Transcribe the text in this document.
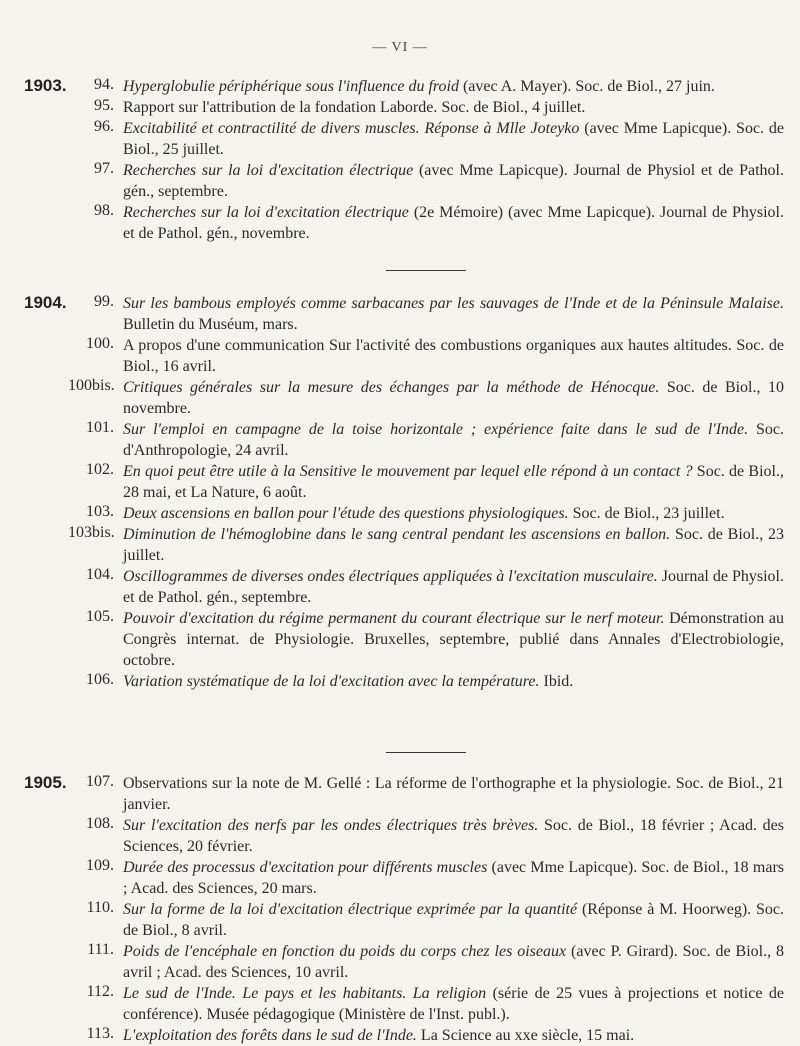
— VI —
1903.	94. Hyperglobulie périphérique sous l'influence du froid (avec A. Mayer). Soc. de Biol., 27 juin.
95. Rapport sur l'attribution de la fondation Laborde. Soc. de Biol., 4 juillet.
96. Excitabilité et contractilité de divers muscles. Réponse à Mlle Joteyko (avec Mme Lapicque). Soc. de Biol., 25 juillet.
97. Recherches sur la loi d'excitation électrique (avec Mme Lapicque). Journal de Physiol et de Pathol. gén., septembre.
98. Recherches sur la loi d'excitation électrique (2e Mémoire) (avec Mme Lapicque). Journal de Physiol. et de Pathol. gén., novembre.
1904.	99. Sur les bambous employés comme sarbacanes par les sauvages de l'Inde et de la Péninsule Malaise. Bulletin du Muséum, mars.
100. A propos d'une communication Sur l'activité des combustions organiques aux hautes altitudes. Soc. de Biol., 16 avril.
100bis. Critiques générales sur la mesure des échanges par la méthode de Hénocque. Soc. de Biol., 10 novembre.
101. Sur l'emploi en campagne de la toise horizontale ; expérience faite dans le sud de l'Inde. Soc. d'Anthropologie, 24 avril.
102. En quoi peut être utile à la Sensitive le mouvement par lequel elle répond à un contact ? Soc. de Biol., 28 mai, et La Nature, 6 août.
103. Deux ascensions en ballon pour l'étude des questions physiologiques. Soc. de Biol., 23 juillet.
103bis. Diminution de l'hémoglobine dans le sang central pendant les ascensions en ballon. Soc. de Biol., 23 juillet.
104. Oscillogrammes de diverses ondes électriques appliquées à l'excitation musculaire. Journal de Physiol. et de Pathol. gén., septembre.
105. Pouvoir d'excitation du régime permanent du courant électrique sur le nerf moteur. Démonstration au Congrès internat. de Physiologie. Bruxelles, septembre, publié dans Annales d'Electrobiologie, octobre.
106. Variation systématique de la loi d'excitation avec la température. Ibid.
1905.	107. Observations sur la note de M. Gellé : La réforme de l'orthographe et la physiologie. Soc. de Biol., 21 janvier.
108. Sur l'excitation des nerfs par les ondes électriques très brèves. Soc. de Biol., 18 février ; Acad. des Sciences, 20 février.
109. Durée des processus d'excitation pour différents muscles (avec Mme Lapicque). Soc. de Biol., 18 mars ; Acad. des Sciences, 20 mars.
110. Sur la forme de la loi d'excitation électrique exprimée par la quantité (Réponse à M. Hoorweg). Soc. de Biol., 8 avril.
111. Poids de l'encéphale en fonction du poids du corps chez les oiseaux (avec P. Girard). Soc. de Biol., 8 avril ; Acad. des Sciences, 10 avril.
112. Le sud de l'Inde. Le pays et les habitants. La religion (série de 25 vues à projections et notice de conférence). Musée pédagogique (Ministère de l'Inst. publ.).
113. L'exploitation des forêts dans le sud de l'Inde. La Science au xxe siècle, 15 mai.
